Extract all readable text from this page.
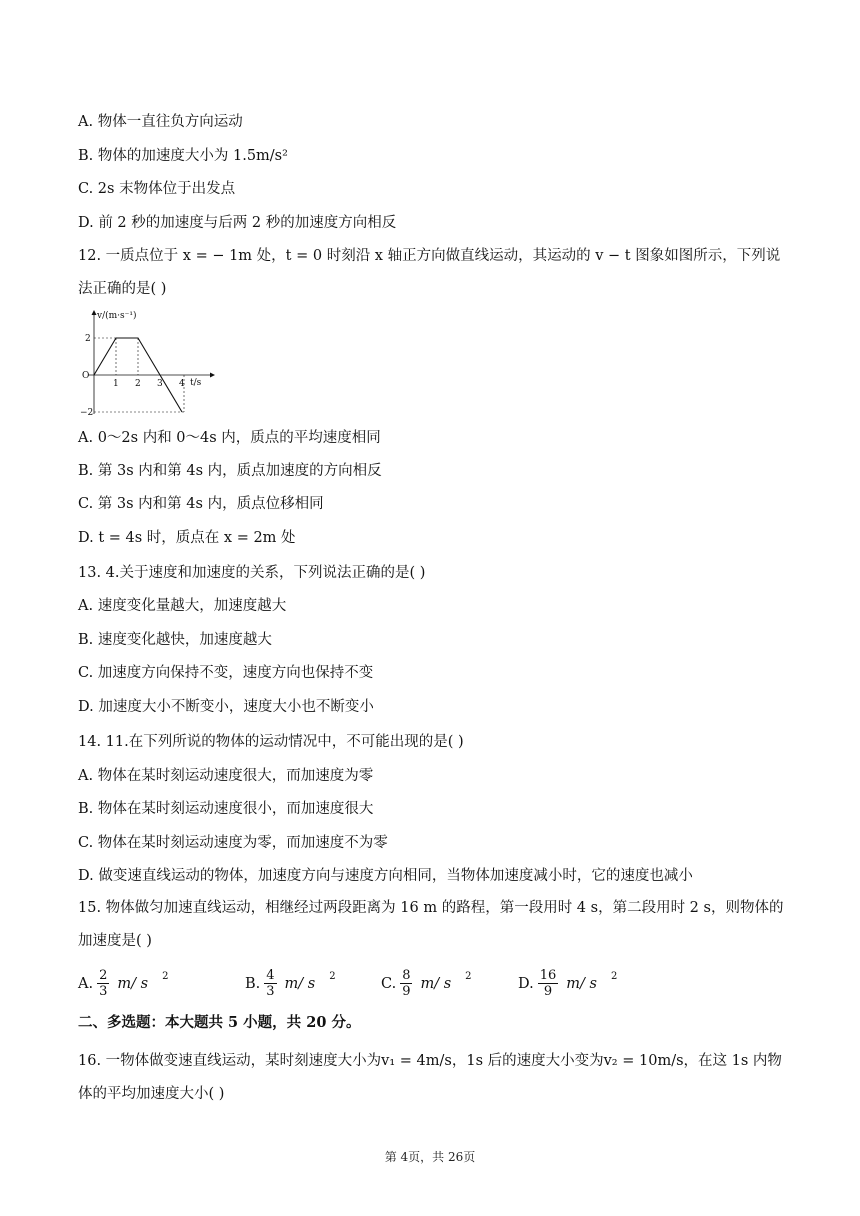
A. 物体一直往负方向运动
B. 物体的加速度大小为 1.5m/s²
C. 2s 末物体位于出发点
D. 前 2 秒的加速度与后两 2 秒的加速度方向相反
12. 一质点位于 x = − 1m 处，t = 0 时刻沿 x 轴正方向做直线运动，其运动的 v − t 图象如图所示，下列说法正确的是( )
v/(m·s⁻¹)
t/s
O
2
−2
1 2 3 4
A. 0～2s 内和 0～4s 内，质点的平均速度相同
B. 第 3s 内和第 4s 内，质点加速度的方向相反
C. 第 3s 内和第 4s 内，质点位移相同
D. t = 4s 时，质点在 x = 2m 处
13. 4.关于速度和加速度的关系，下列说法正确的是( )
A. 速度变化量越大，加速度越大
B. 速度变化越快，加速度越大
C. 加速度方向保持不变，速度方向也保持不变
D. 加速度大小不断变小，速度大小也不断变小
14. 11.在下列所说的物体的运动情况中，不可能出现的是( )
A. 物体在某时刻运动速度很大，而加速度为零
B. 物体在某时刻运动速度很小，而加速度很大
C. 物体在某时刻运动速度为零，而加速度不为零
D. 做变速直线运动的物体，加速度方向与速度方向相同，当物体加速度减小时，它的速度也减小
15. 物体做匀加速直线运动，相继经过两段距离为 16 m 的路程，第一段用时 4 s，第二段用时 2 s，则物体的加速度是( )
A. $\frac{2}{3} m/$ s 2	B. $\frac{4}{3} m/$ s 2	C. $\frac{8}{9} m/$ s 2	D. $\frac{16}{9} m/$ s 2
二、多选题：本大题共 5 小题，共 20 分。
16. 一物体做变速直线运动，某时刻速度大小为v₁ = 4m/s，1s 后的速度大小变为v₂ = 10m/s，在这 1s 内物体的平均加速度大小( )
第 4页，共 26页
